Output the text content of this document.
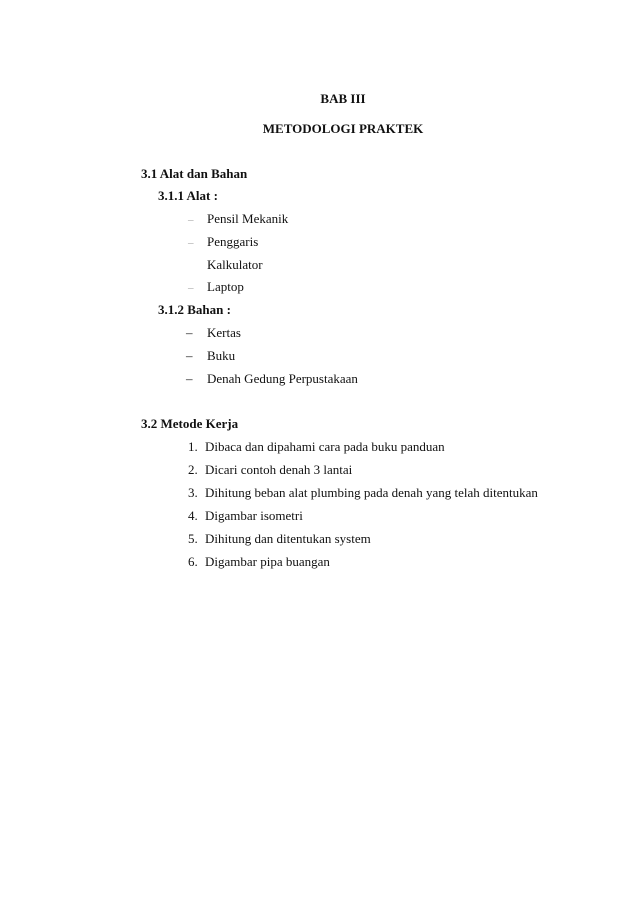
BAB III
METODOLOGI PRAKTEK
3.1 Alat dan Bahan
3.1.1 Alat :
– Pensil Mekanik
– Penggaris
Kalkulator
– Laptop
3.1.2 Bahan :
– Kertas
– Buku
– Denah Gedung Perpustakaan
3.2 Metode Kerja
1. Dibaca dan dipahami cara pada buku panduan
2. Dicari contoh denah 3 lantai
3. Dihitung beban alat plumbing pada denah yang telah ditentukan
4. Digambar isometri
5. Dihitung dan ditentukan system
6. Digambar pipa buangan
